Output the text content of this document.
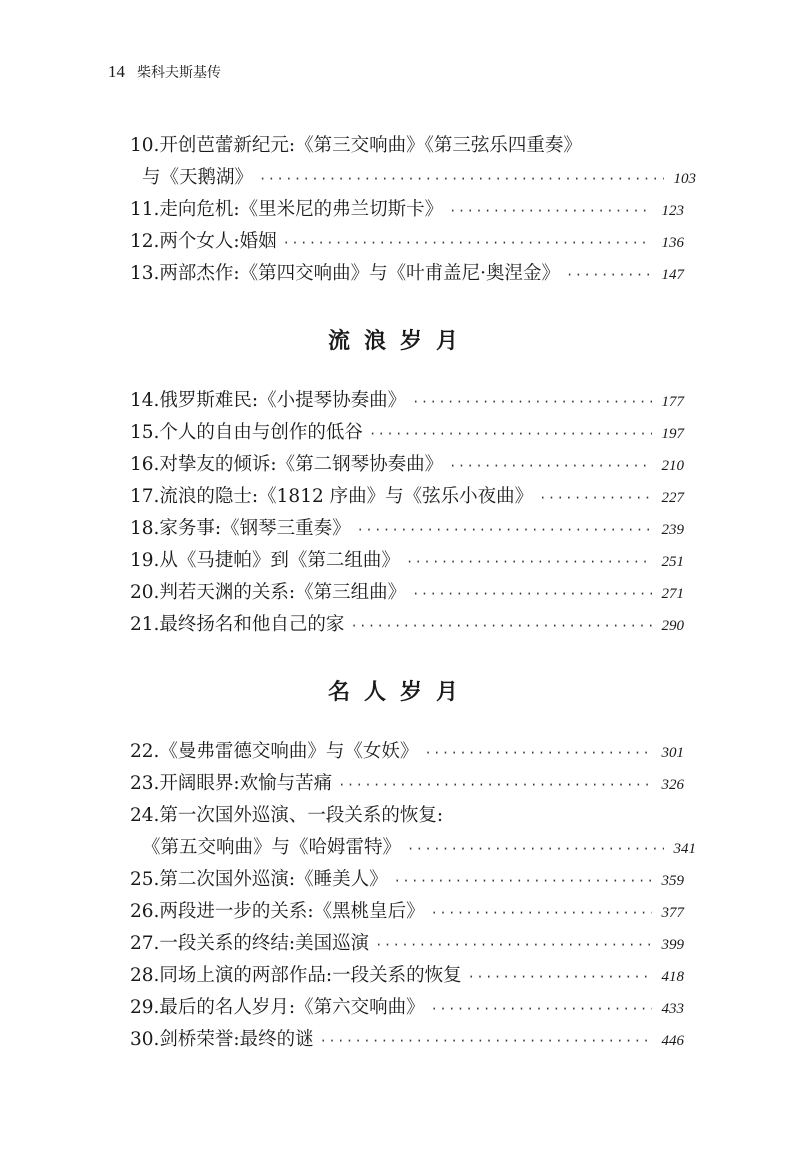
14 柴科夫斯基传
10. 开创芭蕾新纪元:《第三交响曲》《第三弦乐四重奏》
与《天鹅湖》 ·····	103
11. 走向危机:《里米尼的弗兰切斯卡》 ·····	123
12. 两个女人:婚姻 ·····	136
13. 两部杰作:《第四交响曲》与《叶甫盖尼·奥涅金》 ·····	147
流浪岁月
14. 俄罗斯难民:《小提琴协奏曲》 ·····	177
15. 个人的自由与创作的低谷 ·····	197
16. 对挚友的倾诉:《第二钢琴协奏曲》 ·····	210
17. 流浪的隐士:《1812 序曲》与《弦乐小夜曲》 ·····	227
18. 家务事:《钢琴三重奏》 ·····	239
19. 从《马捷帕》到《第二组曲》 ·····	251
20. 判若天渊的关系:《第三组曲》 ·····	271
21. 最终扬名和他自己的家 ·····	290
名人岁月
22. 《曼弗雷德交响曲》与《女妖》 ·····	301
23. 开阔眼界:欢愉与苦痛 ·····	326
24. 第一次国外巡演、一段关系的恢复:
《第五交响曲》与《哈姆雷特》 ·····	341
25. 第二次国外巡演:《睡美人》 ·····	359
26. 两段进一步的关系:《黑桃皇后》 ·····	377
27. 一段关系的终结:美国巡演 ·····	399
28. 同场上演的两部作品:一段关系的恢复 ·····	418
29. 最后的名人岁月:《第六交响曲》 ·····	433
30. 剑桥荣誉:最终的谜 ·····	446
